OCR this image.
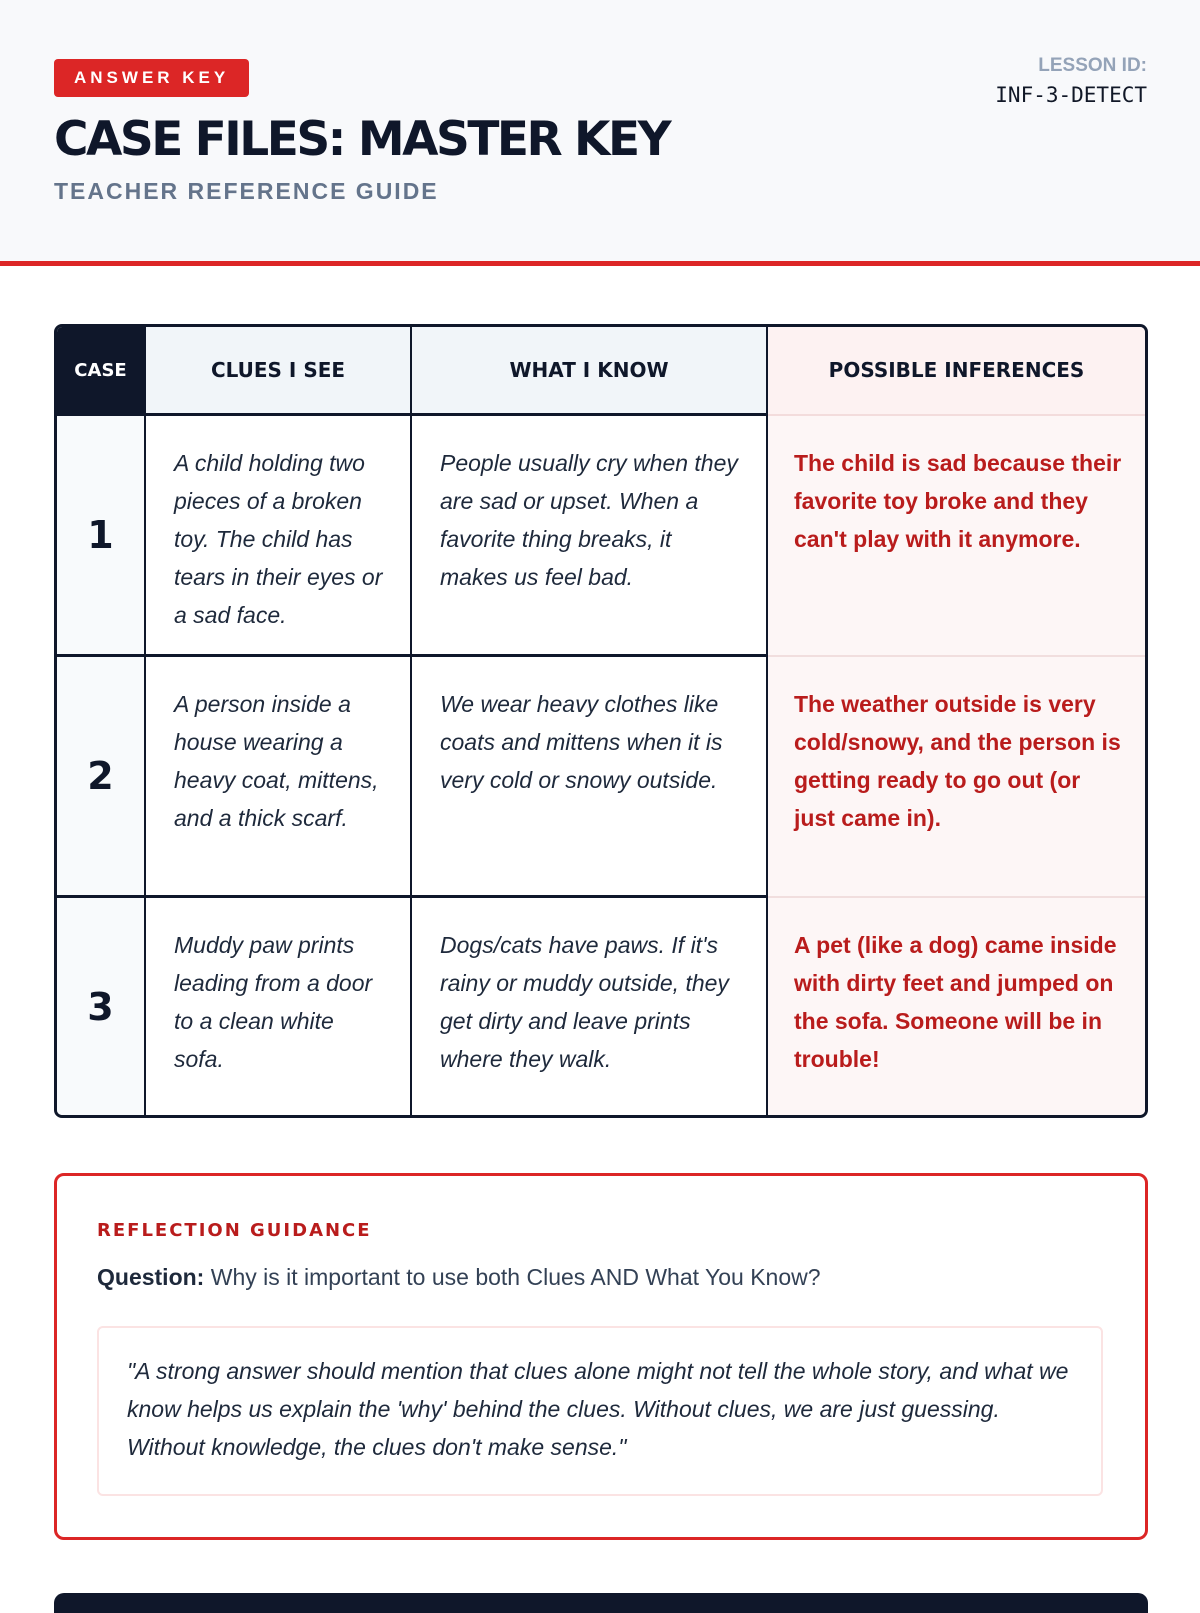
ANSWER KEY
CASE FILES: MASTER KEY
TEACHER REFERENCE GUIDE
LESSON ID:
INF-3-DETECT
CASE	CLUES I SEE	WHAT I KNOW	POSSIBLE INFERENCES
1	A child holding two pieces of a broken toy. The child has tears in their eyes or a sad face.	People usually cry when they are sad or upset. When a favorite thing breaks, it makes us feel bad.	The child is sad because their favorite toy broke and they can't play with it anymore.
2	A person inside a house wearing a heavy coat, mittens, and a thick scarf.	We wear heavy clothes like coats and mittens when it is very cold or snowy outside.	The weather outside is very cold/snowy, and the person is getting ready to go out (or just came in).
3	Muddy paw prints leading from a door to a clean white sofa.	Dogs/cats have paws. If it's rainy or muddy outside, they get dirty and leave prints where they walk.	A pet (like a dog) came inside with dirty feet and jumped on the sofa. Someone will be in trouble!
REFLECTION GUIDANCE
Question: Why is it important to use both Clues AND What You Know?
"A strong answer should mention that clues alone might not tell the whole story, and what we know helps us explain the 'why' behind the clues. Without clues, we are just guessing. Without knowledge, the clues don't make sense."
